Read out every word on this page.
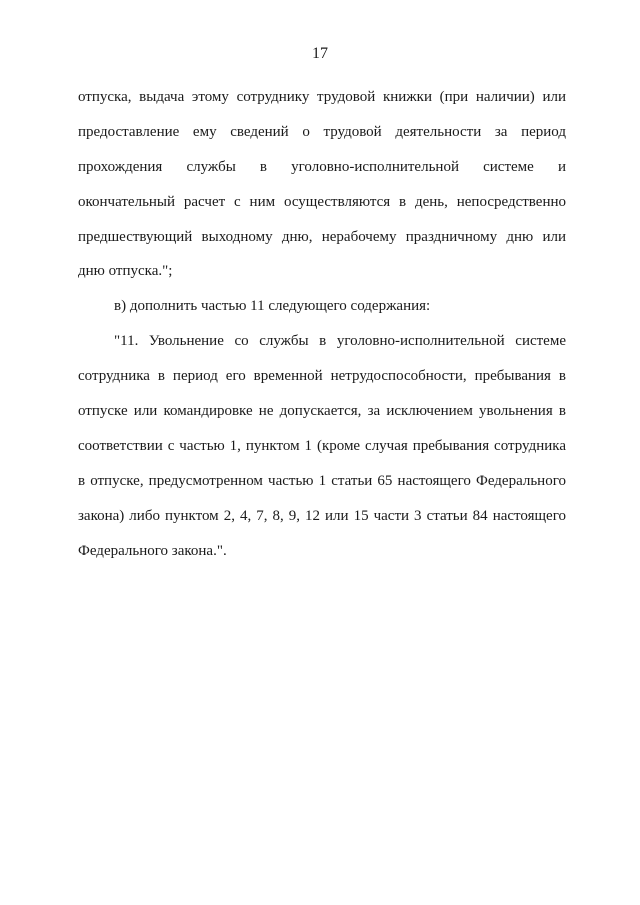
17
отпуска, выдача этому сотруднику трудовой книжки (при наличии) или
предоставление ему сведений о трудовой деятельности за период
прохождения службы в уголовно-исполнительной системе и
окончательный расчет с ним осуществляются в день, непосредственно
предшествующий выходному дню, нерабочему праздничному дню или
дню отпуска.";
в) дополнить частью 11 следующего содержания:
"11. Увольнение со службы в уголовно-исполнительной системе
сотрудника в период его временной нетрудоспособности, пребывания в
отпуске или командировке не допускается, за исключением увольнения в
соответствии с частью 1, пунктом 1 (кроме случая пребывания сотрудника
в отпуске, предусмотренном частью 1 статьи 65 настоящего Федерального
закона) либо пунктом 2, 4, 7, 8, 9, 12 или 15 части 3 статьи 84 настоящего
Федерального закона.".
